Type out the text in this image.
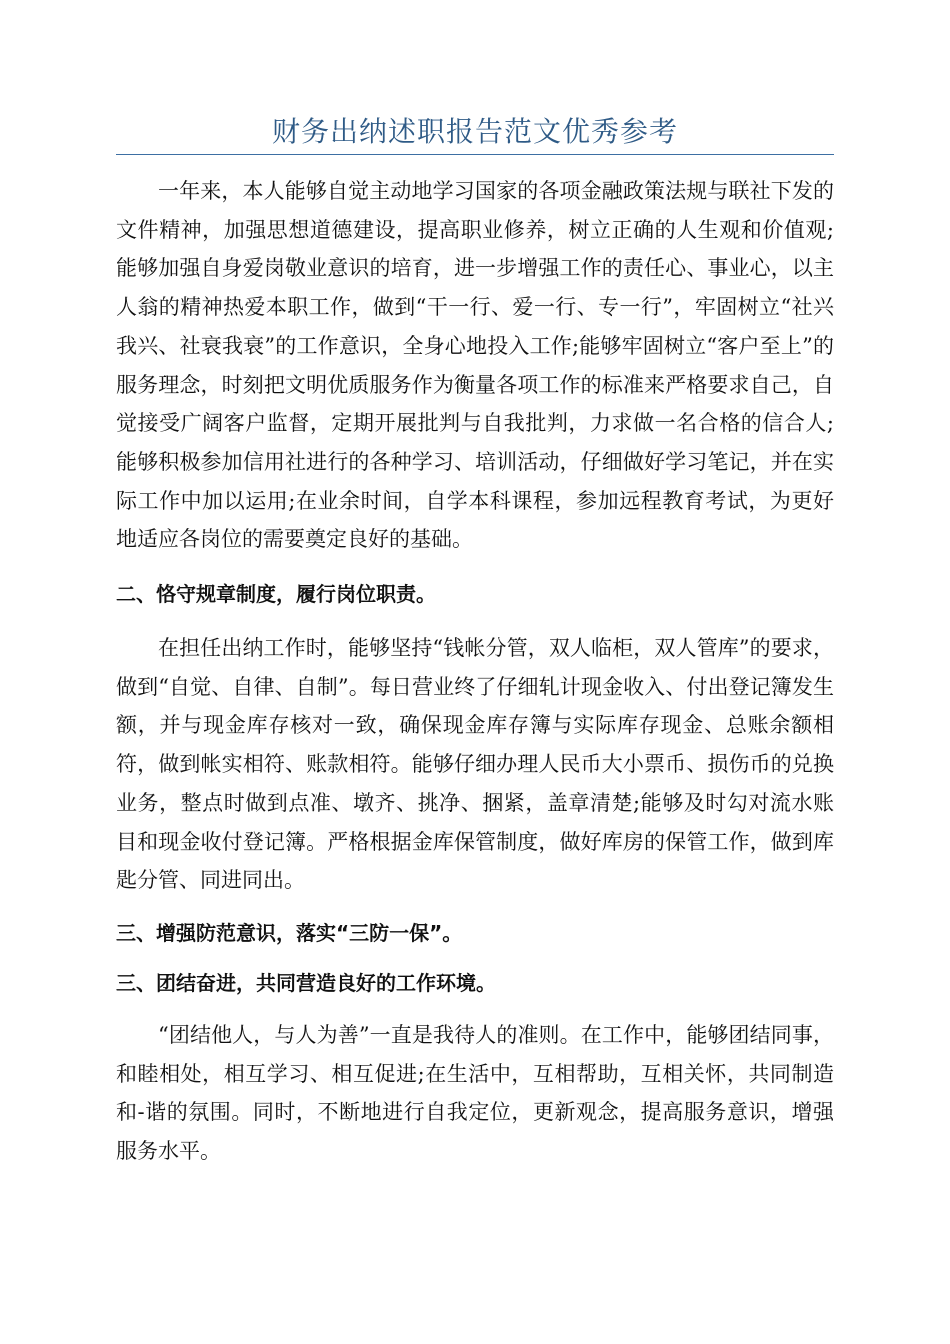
财务出纳述职报告范文优秀参考

一年来，本人能够自觉主动地学习国家的各项金融政策法规与联社下发的文件精神，加强思想道德建设，提高职业修养，树立正确的人生观和价值观;能够加强自身爱岗敬业意识的培育，进一步增强工作的责任心、事业心，以主人翁的精神热爱本职工作，做到“干一行、爱一行、专一行”，牢固树立“社兴我兴、社衰我衰”的工作意识，全身心地投入工作;能够牢固树立“客户至上”的服务理念，时刻把文明优质服务作为衡量各项工作的标准来严格要求自己，自觉接受广阔客户监督，定期开展批判与自我批判，力求做一名合格的信合人;能够积极参加信用社进行的各种学习、培训活动，仔细做好学习笔记，并在实际工作中加以运用;在业余时间，自学本科课程，参加远程教育考试，为更好地适应各岗位的需要奠定良好的基础。

二、恪守规章制度，履行岗位职责。

在担任出纳工作时，能够坚持“钱帐分管，双人临柜，双人管库”的要求，做到“自觉、自律、自制”。每日营业终了仔细轧计现金收入、付出登记簿发生额，并与现金库存核对一致，确保现金库存簿与实际库存现金、总账余额相符，做到帐实相符、账款相符。能够仔细办理人民币大小票币、损伤币的兑换业务，整点时做到点准、墩齐、挑净、捆紧，盖章清楚;能够及时勾对流水账目和现金收付登记簿。严格根据金库保管制度，做好库房的保管工作，做到库匙分管、同进同出。

三、增强防范意识，落实“三防一保”。

三、团结奋进，共同营造良好的工作环境。

“团结他人，与人为善”一直是我待人的准则。在工作中，能够团结同事，和睦相处，相互学习、相互促进;在生活中，互相帮助，互相关怀，共同制造和-谐的氛围。同时，不断地进行自我定位，更新观念，提高服务意识，增强服务水平。
